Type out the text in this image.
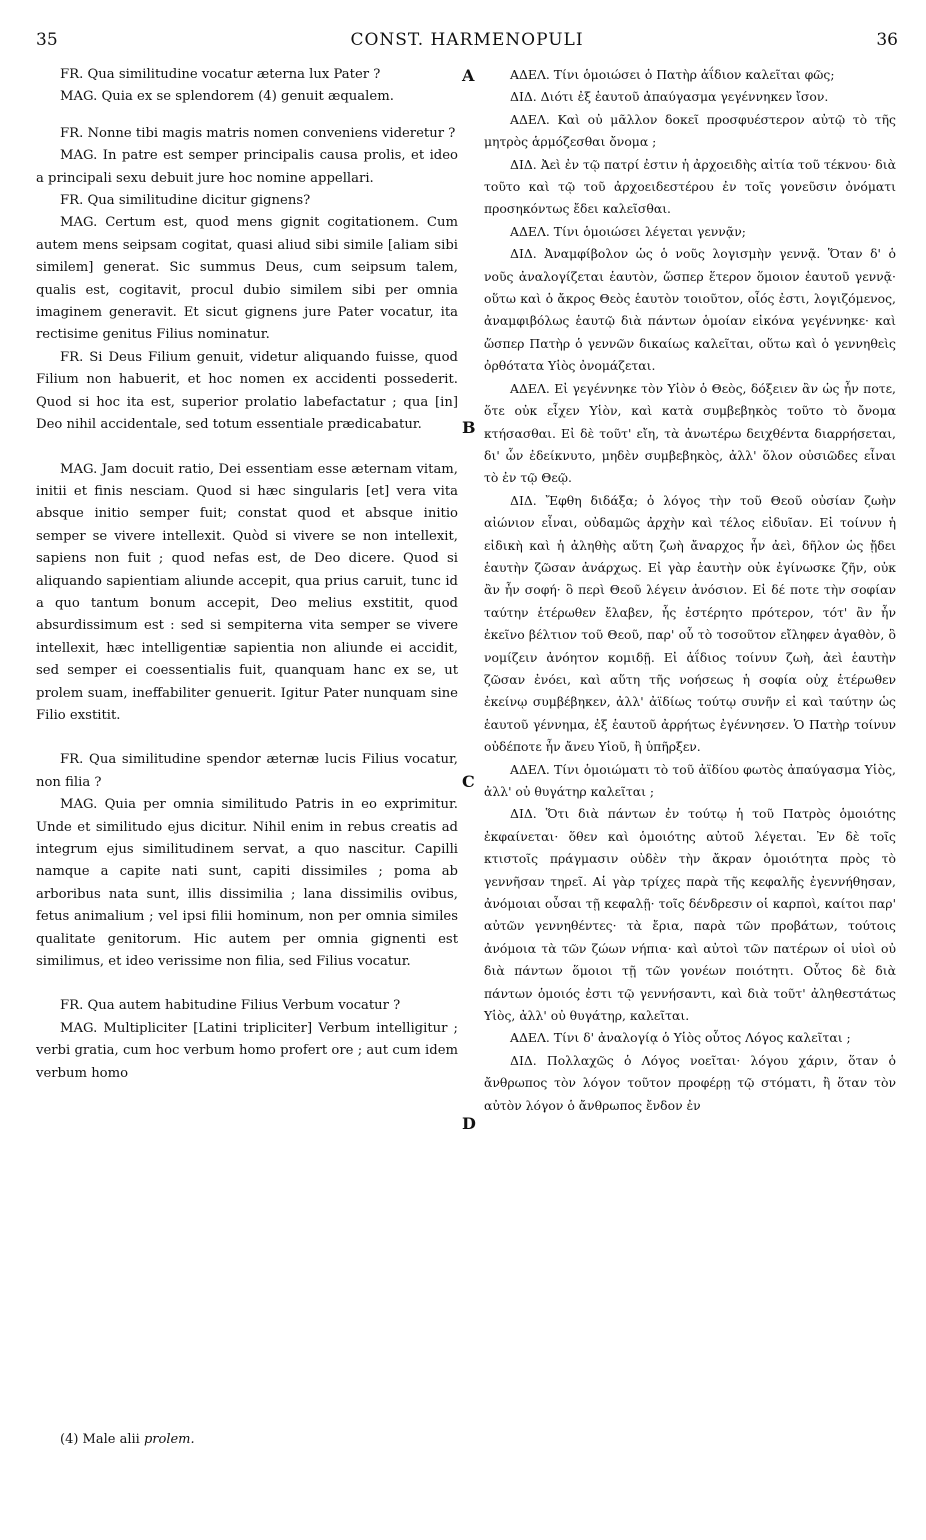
35	CONST. HARMENOPULI	36

FR. Qua similitudine vocatur æterna lux Pater ?

MAG. Quia ex se splendorem (4) genuit æqualem.

FR. Nonne tibi magis matris nomen conveniens videretur ?

MAG. In patre est semper principalis causa prolis, et ideo a principali sexu debuit jure hoc nomine appellari.

FR. Qua similitudine dicitur gignens?

MAG. Certum est, quod mens gignit cogitationem. Cum autem mens seipsam cogitat, quasi aliud sibi simile [aliam sibi similem] generat. Sic summus Deus, cum seipsum talem, qualis est, cogitavit, procul dubio similem sibi per omnia imaginem generavit. Et sicut gignens jure Pater vocatur, ita rectisime genitus Filius nominatur.

FR. Si Deus Filium genuit, videtur aliquando fuisse, quod Filium non habuerit, et hoc nomen ex accidenti possederit. Quod si hoc ita est, superior prolatio labefactatur ; qua [in] Deo nihil accidentale, sed totum essentiale prædicabatur.

MAG. Jam docuit ratio, Dei essentiam esse æternam vitam, initii et finis nesciam. Quod si hæc singularis [et] vera vita absque initio semper fuit; constat quod et absque initio semper se vivere intellexit. Quòd si vivere se non intellexit, sapiens non fuit ; quod nefas est, de Deo dicere. Quod si aliquando sapientiam aliunde accepit, qua prius caruit, tunc id a quo tantum bonum accepit, Deo melius exstitit, quod absurdissimum est : sed si sempiterna vita semper se vivere intellexit, hæc intelligentiæ sapientia non aliunde ei accidit, sed semper ei coessentialis fuit, quanquam hanc ex se, ut prolem suam, ineffabiliter genuerit. Igitur Pater nunquam sine Filio exstitit.

FR. Qua similitudine spendor æternæ lucis Filius vocatur, non filia ?

MAG. Quia per omnia similitudo Patris in eo exprimitur. Unde et similitudo ejus dicitur. Nihil enim in rebus creatis ad integrum ejus similitudinem servat, a quo nascitur. Capilli namque a capite nati sunt, capiti dissimiles ; poma ab arboribus nata sunt, illis dissimilia ; lana dissimilis ovibus, fetus animalium ; vel ipsi filii hominum, non per omnia similes qualitate genitorum. Hic autem per omnia gignenti est similimus, et ideo verissime non filia, sed Filius vocatur.

FR. Qua autem habitudine Filius Verbum vocatur ?

MAG. Multipliciter [Latini tripliciter] Verbum intelligitur ; verbi gratia, cum hoc verbum homo profert ore ; aut cum idem verbum homo

ΑΔΕΛ. Τίνι ὁμοιώσει ὁ Πατὴρ ἀΐδιον καλεῖται φῶς;

ΔΙΔ. Διότι ἐξ ἑαυτοῦ ἀπαύγασμα γεγέννηκεν ἴσον.

ΑΔΕΛ. Καὶ οὐ μᾶλλον δοκεῖ προσφυέστερον αὐτῷ τὸ τῆς μητρὸς ἁρμόζεσθαι ὄνομα ;

ΔΙΔ. Ἀεὶ ἐν τῷ πατρί ἐστιν ἡ ἀρχοειδὴς αἰτία τοῦ τέκνου· διὰ τοῦτο καὶ τῷ τοῦ ἀρχοειδεστέρου ἐν τοῖς γονεῦσιν ὀνόματι προσηκόντως ἔδει καλεῖσθαι.

ΑΔΕΛ. Τίνι ὁμοιώσει λέγεται γεννᾷν;

ΔΙΔ. Ἀναμφίβολον ὡς ὁ νοῦς λογισμὴν γεννᾷ. Ὅταν δ' ὁ νοῦς ἀναλογίζεται ἑαυτὸν, ὥσπερ ἕτερον ὅμοιον ἑαυτοῦ γεννᾷ· οὕτω καὶ ὁ ἄκρος Θεὸς ἑαυτὸν τοιοῦτον, οἷός ἐστι, λογιζόμενος, ἀναμφιβόλως ἑαυτῷ διὰ πάντων ὁμοίαν εἰκόνα γεγέννηκε· καὶ ὥσπερ Πατὴρ ὁ γεννῶν δικαίως καλεῖται, οὕτω καὶ ὁ γεννηθεὶς ὀρθότατα Υἱὸς ὀνομάζεται.

ΑΔΕΛ. Εἰ γεγέννηκε τὸν Υἱὸν ὁ Θεὸς, δόξειεν ἂν ὡς ἦν ποτε, ὅτε οὐκ εἶχεν Υἱὸν, καὶ κατὰ συμβεβηκὸς τοῦτο τὸ ὄνομα κτήσασθαι. Εἰ δὲ τοῦτ' εἴη, τὰ ἀνωτέρω δειχθέντα διαρρήσεται, δι' ὧν ἐδείκνυτο, μηδὲν συμβεβηκὸς, ἀλλ' ὅλον οὐσιῶδες εἶναι τὸ ἐν τῷ Θεῷ.

ΔΙΔ. Ἔφθη διδάξα; ὁ λόγος τὴν τοῦ Θεοῦ οὐσίαν ζωὴν αἰώνιον εἶναι, οὐδαμῶς ἀρχὴν καὶ τέλος εἰδυῖαν. Εἰ τοίνυν ἡ εἰδικὴ καὶ ἡ ἀληθὴς αὕτη ζωὴ ἄναρχος ἦν ἀεὶ, δῆλον ὡς ᾔδει ἑαυτὴν ζῶσαν ἀνάρχως. Εἰ γὰρ ἑαυτὴν οὐκ ἐγίνωσκε ζῆν, οὐκ ἂν ἦν σοφή· ὃ περὶ Θεοῦ λέγειν ἀνόσιον. Εἰ δέ ποτε τὴν σοφίαν ταύτην ἑτέρωθεν ἔλαβεν, ἧς ἐστέρητο πρότερον, τότ' ἂν ἦν ἐκεῖνο βέλτιον τοῦ Θεοῦ, παρ' οὗ τὸ τοσοῦτον εἴληφεν ἀγαθὸν, ὃ νομίζειν ἀνόητον κομιδῇ. Εἰ ἀΐδιος τοίνυν ζωὴ, ἀεὶ ἑαυτὴν ζῶσαν ἐνόει, καὶ αὕτη τῆς νοήσεως ἡ σοφία οὐχ ἑτέρωθεν ἐκείνῳ συμβέβηκεν, ἀλλ' ἀϊδίως τούτῳ συνῆν εἰ καὶ ταύτην ὡς ἑαυτοῦ γέννημα, ἐξ ἑαυτοῦ ἀρρήτως ἐγέννησεν. Ὁ Πατὴρ τοίνυν οὐδέποτε ἦν ἄνευ Υἱοῦ, ἢ ὑπῆρξεν.

ΑΔΕΛ. Τίνι ὁμοιώματι τὸ τοῦ ἀϊδίου φωτὸς ἀπαύγασμα Υἱὸς, ἀλλ' οὐ θυγάτηρ καλεῖται ;

ΔΙΔ. Ὅτι διὰ πάντων ἐν τούτῳ ἡ τοῦ Πατρὸς ὁμοιότης ἐκφαίνεται· ὅθεν καὶ ὁμοιότης αὐτοῦ λέγεται. Ἐν δὲ τοῖς κτιστοῖς πράγμασιν οὐδὲν τὴν ἄκραν ὁμοιότητα πρὸς τὸ γεννῆσαν τηρεῖ. Αἱ γὰρ τρίχες παρὰ τῆς κεφαλῆς ἐγεννήθησαν, ἀνόμοιαι οὖσαι τῇ κεφαλῇ· τοῖς δένδρεσιν οἱ καρποὶ, καίτοι παρ' αὐτῶν γεννηθέντες· τὰ ἔρια, παρὰ τῶν προβάτων, τούτοις ἀνόμοια τὰ τῶν ζώων νήπια· καὶ αὐτοὶ τῶν πατέρων οἱ υἱοὶ οὐ διὰ πάντων ὅμοιοι τῇ τῶν γονέων ποιότητι. Οὗτος δὲ διὰ πάντων ὁμοιός ἐστι τῷ γεννήσαντι, καὶ διὰ τοῦτ' ἀληθεστάτως Υἱὸς, ἀλλ' οὐ θυγάτηρ, καλεῖται.

ΑΔΕΛ. Τίνι δ' ἀναλογίᾳ ὁ Υἱὸς οὗτος Λόγος καλεῖται ;

ΔΙΔ. Πολλαχῶς ὁ Λόγος νοεῖται· λόγου χάριν, ὅταν ὁ ἄνθρωπος τὸν λόγον τοῦτον προφέρῃ τῷ στόματι, ἢ ὅταν τὸν αὐτὸν λόγον ὁ ἄνθρωπος ἔνδον ἐν

A
B
C
D
(4) Male alii prolem.
